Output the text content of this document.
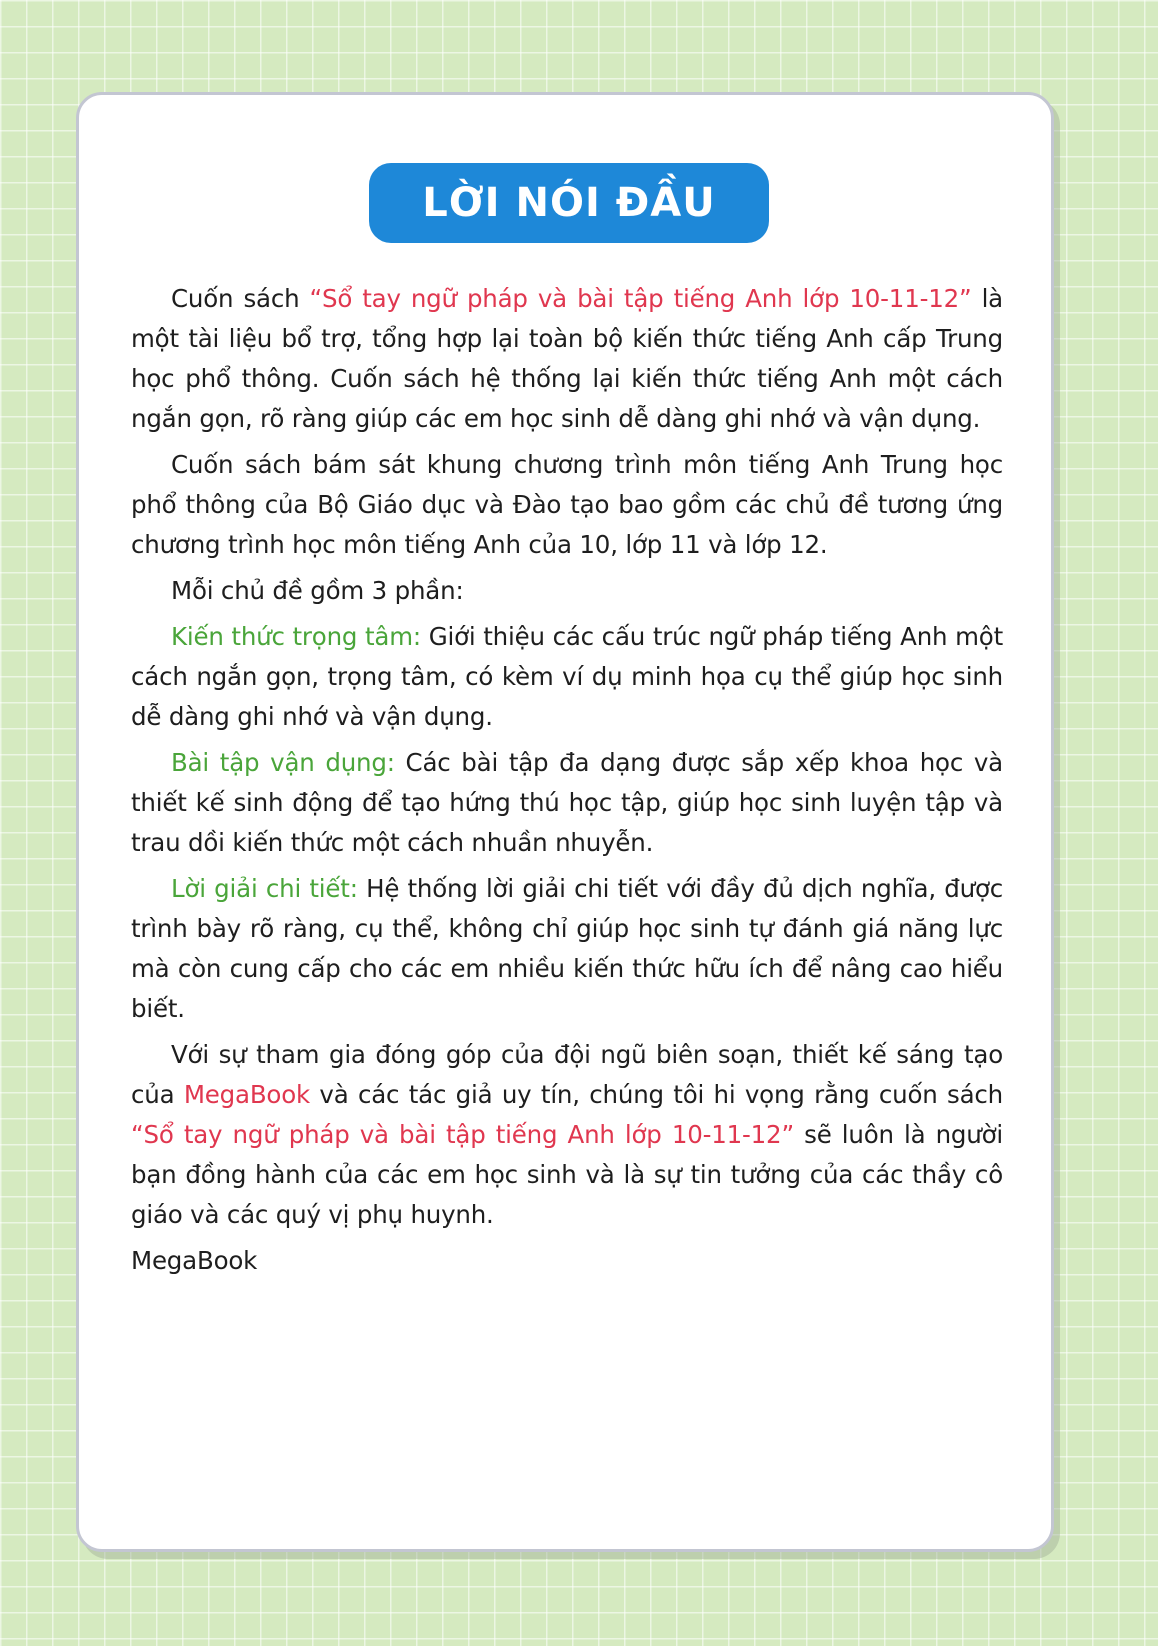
LỜI NÓI ĐẦU

Cuốn sách “Sổ tay ngữ pháp và bài tập tiếng Anh lớp 10-11-12” là một tài liệu bổ trợ, tổng hợp lại toàn bộ kiến thức tiếng Anh cấp Trung học phổ thông. Cuốn sách hệ thống lại kiến thức tiếng Anh một cách ngắn gọn, rõ ràng giúp các em học sinh dễ dàng ghi nhớ và vận dụng.

Cuốn sách bám sát khung chương trình môn tiếng Anh Trung học phổ thông của Bộ Giáo dục và Đào tạo bao gồm các chủ đề tương ứng chương trình học môn tiếng Anh của 10, lớp 11 và lớp 12.

Mỗi chủ đề gồm 3 phần:

Kiến thức trọng tâm: Giới thiệu các cấu trúc ngữ pháp tiếng Anh một cách ngắn gọn, trọng tâm, có kèm ví dụ minh họa cụ thể giúp học sinh dễ dàng ghi nhớ và vận dụng.

Bài tập vận dụng: Các bài tập đa dạng được sắp xếp khoa học và thiết kế sinh động để tạo hứng thú học tập, giúp học sinh luyện tập và trau dồi kiến thức một cách nhuần nhuyễn.

Lời giải chi tiết: Hệ thống lời giải chi tiết với đầy đủ dịch nghĩa, được trình bày rõ ràng, cụ thể, không chỉ giúp học sinh tự đánh giá năng lực mà còn cung cấp cho các em nhiều kiến thức hữu ích để nâng cao hiểu biết.

Với sự tham gia đóng góp của đội ngũ biên soạn, thiết kế sáng tạo của MegaBook và các tác giả uy tín, chúng tôi hi vọng rằng cuốn sách “Sổ tay ngữ pháp và bài tập tiếng Anh lớp 10-11-12” sẽ luôn là người bạn đồng hành của các em học sinh và là sự tin tưởng của các thầy cô giáo và các quý vị phụ huynh.

MegaBook
